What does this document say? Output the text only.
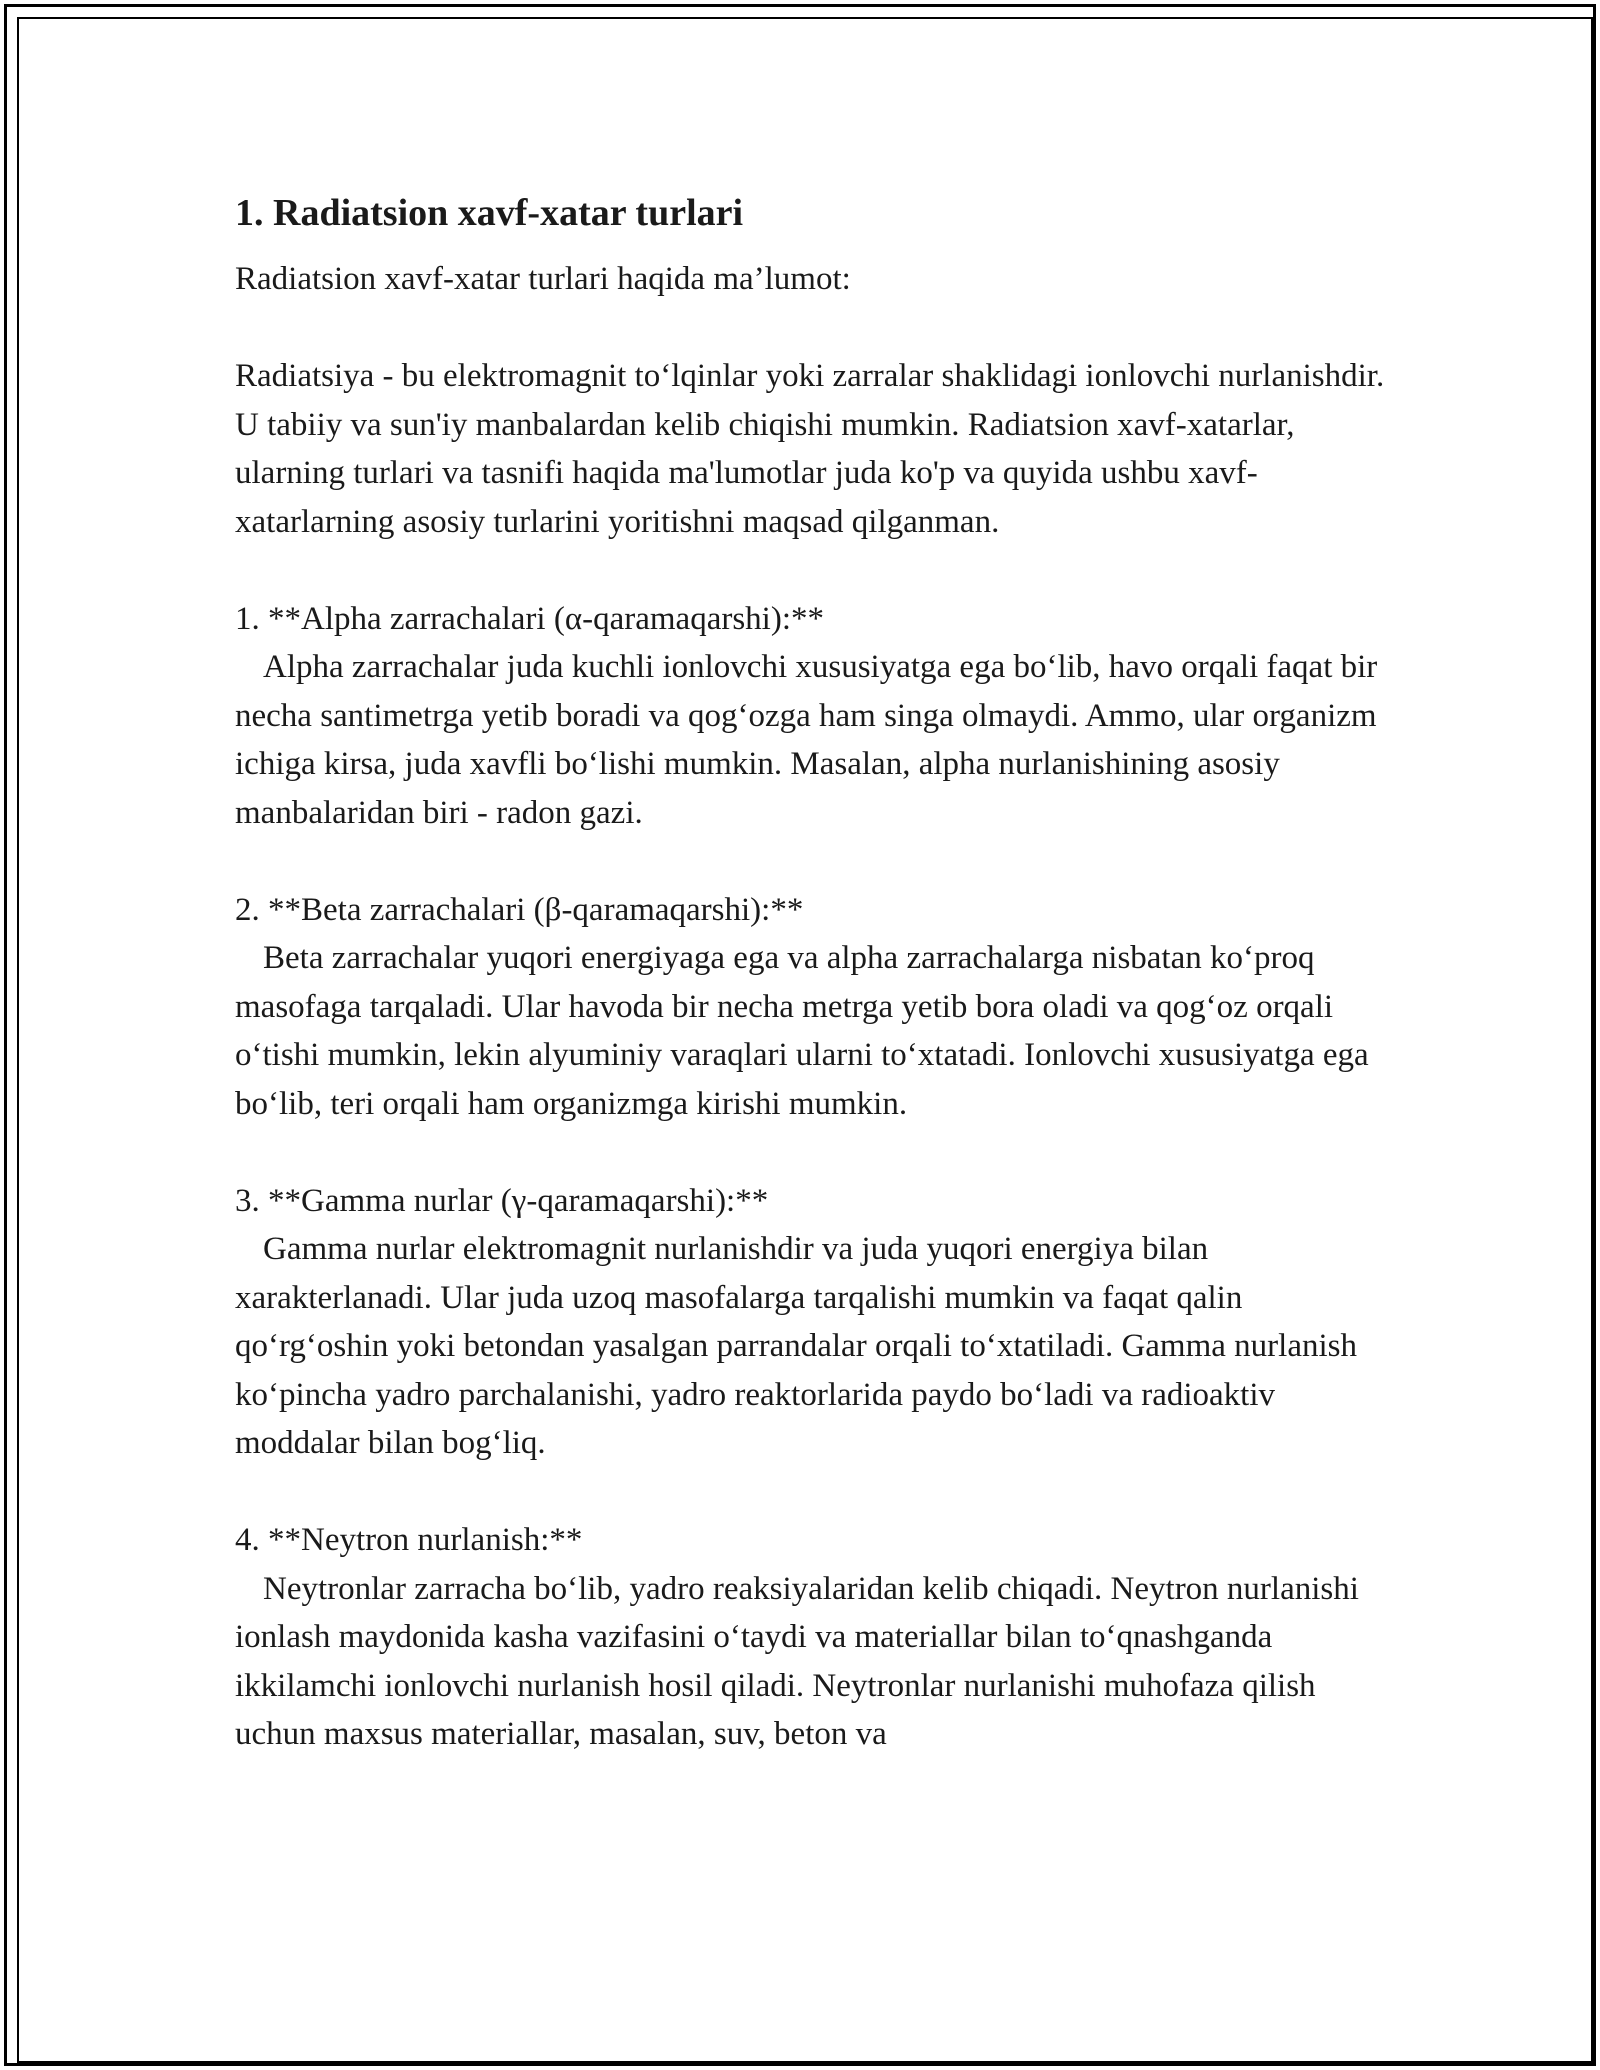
1. Radiatsion xavf-xatar turlari

Radiatsion xavf-xatar turlari haqida ma’lumot:

Radiatsiya - bu elektromagnit to‘lqinlar yoki zarralar shaklidagi ionlovchi nurlanishdir. U tabiiy va sun'iy manbalardan kelib chiqishi mumkin. Radiatsion xavf-xatarlar, ularning turlari va tasnifi haqida ma'lumotlar juda ko'p va quyida ushbu xavf-xatarlarning asosiy turlarini yoritishni maqsad qilganman.

1. **Alpha zarrachalari (α-qaramaqarshi):**
Alpha zarrachalar juda kuchli ionlovchi xususiyatga ega bo‘lib, havo orqali faqat bir necha santimetrga yetib boradi va qog‘ozga ham singa olmaydi. Ammo, ular organizm ichiga kirsa, juda xavfli bo‘lishi mumkin. Masalan, alpha nurlanishining asosiy manbalaridan biri - radon gazi.
2. **Beta zarrachalari (β-qaramaqarshi):**
Beta zarrachalar yuqori energiyaga ega va alpha zarrachalarga nisbatan ko‘proq masofaga tarqaladi. Ular havoda bir necha metrga yetib bora oladi va qog‘oz orqali o‘tishi mumkin, lekin alyuminiy varaqlari ularni to‘xtatadi. Ionlovchi xususiyatga ega bo‘lib, teri orqali ham organizmga kirishi mumkin.
3. **Gamma nurlar (γ-qaramaqarshi):**
Gamma nurlar elektromagnit nurlanishdir va juda yuqori energiya bilan xarakterlanadi. Ular juda uzoq masofalarga tarqalishi mumkin va faqat qalin qo‘rg‘oshin yoki betondan yasalgan parrandalar orqali to‘xtatiladi. Gamma nurlanish ko‘pincha yadro parchalanishi, yadro reaktorlarida paydo bo‘ladi va radioaktiv moddalar bilan bog‘liq.
4. **Neytron nurlanish:**
Neytronlar zarracha bo‘lib, yadro reaksiyalaridan kelib chiqadi. Neytron nurlanishi ionlash maydonida kasha vazifasini o‘taydi va materiallar bilan to‘qnashganda ikkilamchi ionlovchi nurlanish hosil qiladi. Neytronlar nurlanishi muhofaza qilish uchun maxsus materiallar, masalan, suv, beton va
